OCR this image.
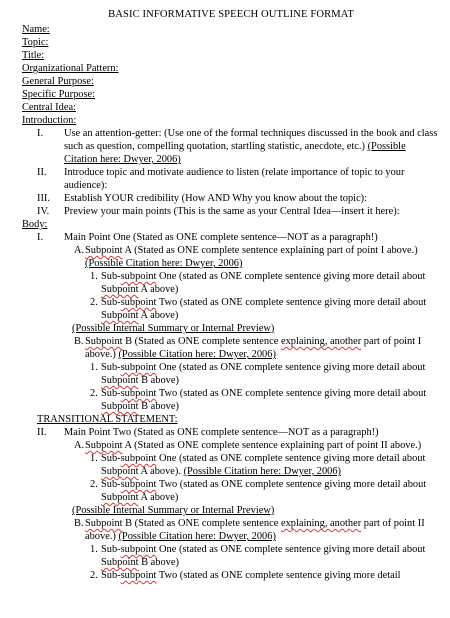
BASIC INFORMATIVE SPEECH OUTLINE FORMAT
Name:
Topic:
Title:
Organizational Pattern:
General Purpose:
Specific Purpose:
Central Idea:
Introduction:
I.	Use an attention-getter: (Use one of the formal techniques discussed in the book and class such as question, compelling quotation, startling statistic, anecdote, etc.) (Possible Citation here: Dwyer, 2006)
II.	Introduce topic and motivate audience to listen (relate importance of topic to your audience):
III.	Establish YOUR credibility (How AND Why you know about the topic):
IV.	Preview your main points (This is the same as your Central Idea—insert it here):
Body:
I.	Main Point One (Stated as ONE complete sentence—NOT as a paragraph!)
A. Subpoint A (Stated as ONE complete sentence explaining part of point I above.) (Possible Citation here: Dwyer, 2006)
1. Sub-subpoint One (stated as ONE complete sentence giving more detail about Subpoint A above)
2. Sub-subpoint Two (stated as ONE complete sentence giving more detail about Subpoint A above)
(Possible Internal Summary or Internal Preview)
B. Subpoint B (Stated as ONE complete sentence explaining, another part of point I above.) (Possible Citation here: Dwyer, 2006)
1. Sub-subpoint One (stated as ONE complete sentence giving more detail about Subpoint B above)
2. Sub-subpoint Two (stated as ONE complete sentence giving more detail about Subpoint B above)
TRANSITIONAL STATEMENT:
II.	Main Point Two (Stated as ONE complete sentence—NOT as a paragraph!)
A. Subpoint A (Stated as ONE complete sentence explaining part of point II above.)
1. Sub-subpoint One (stated as ONE complete sentence giving more detail about Subpoint A above). (Possible Citation here: Dwyer, 2006)
2. Sub-subpoint Two (stated as ONE complete sentence giving more detail about Subpoint A above)
(Possible Internal Summary or Internal Preview)
B. Subpoint B (Stated as ONE complete sentence explaining, another part of point II above.) (Possible Citation here: Dwyer, 2006)
1. Sub-subpoint One (stated as ONE complete sentence giving more detail about Subpoint B above)
2. Sub-subpoint Two (stated as ONE complete sentence giving more detail
